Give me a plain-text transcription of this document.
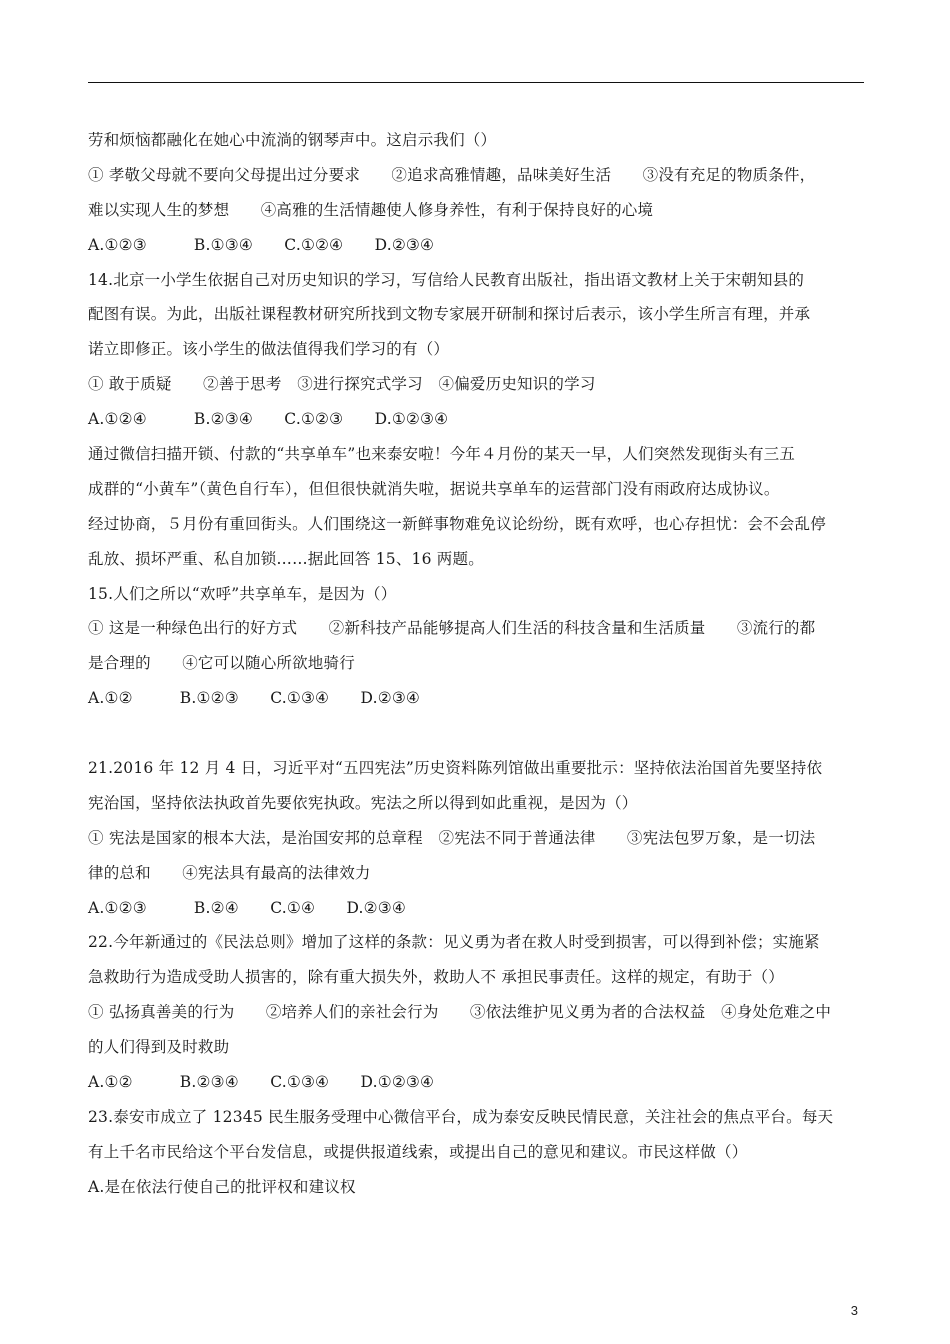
劳和烦恼都融化在她心中流淌的钢琴声中。这启示我们（）
① 孝敬父母就不要向父母提出过分要求　　②追求高雅情趣，品味美好生活　　③没有充足的物质条件，
难以实现人生的梦想　　④高雅的生活情趣使人修身养性，有利于保持良好的心境
A.①②③　　　B.①③④　　C.①②④　　D.②③④
14.北京一小学生依据自己对历史知识的学习，写信给人民教育出版社，指出语文教材上关于宋朝知县的
配图有误。为此，出版社课程教材研究所找到文物专家展开研制和探讨后表示，该小学生所言有理，并承
诺立即修正。该小学生的做法值得我们学习的有（）
① 敢于质疑　　②善于思考　③进行探究式学习　④偏爱历史知识的学习
A.①②④　　　B.②③④　　C.①②③　　D.①②③④
通过微信扫描开锁、付款的“共享单车”也来泰安啦！今年４月份的某天一早，人们突然发现街头有三五
成群的“小黄车”（黄色自行车），但但很快就消失啦，据说共享单车的运营部门没有雨政府达成协议。
经过协商，５月份有重回街头。人们围绕这一新鲜事物难免议论纷纷，既有欢呼，也心存担忧：会不会乱停
乱放、损坏严重、私自加锁……据此回答 15、16 两题。
15.人们之所以“欢呼”共享单车，是因为（）
① 这是一种绿色出行的好方式　　②新科技产品能够提高人们生活的科技含量和生活质量　　③流行的都
是合理的　　④它可以随心所欲地骑行
A.①②　　　B.①②③　　C.①③④　　D.②③④
21.2016 年 12 月 4 日，习近平对“五四宪法”历史资料陈列馆做出重要批示：坚持依法治国首先要坚持依
宪治国，坚持依法执政首先要依宪执政。宪法之所以得到如此重视，是因为（）
① 宪法是国家的根本大法，是治国安邦的总章程　②宪法不同于普通法律　　③宪法包罗万象，是一切法
律的总和　　④宪法具有最高的法律效力
A.①②③　　　B.②④　　C.①④　　D.②③④
22.今年新通过的《民法总则》增加了这样的条款：见义勇为者在救人时受到损害，可以得到补偿；实施紧
急救助行为造成受助人损害的，除有重大损失外，救助人不 承担民事责任。这样的规定，有助于（）
① 弘扬真善美的行为　　②培养人们的亲社会行为　　③依法维护见义勇为者的合法权益　④身处危难之中
的人们得到及时救助
A.①②　　　B.②③④　　C.①③④　　D.①②③④
23.泰安市成立了 12345 民生服务受理中心微信平台，成为泰安反映民情民意，关注社会的焦点平台。每天
有上千名市民给这个平台发信息，或提供报道线索，或提出自己的意见和建议。市民这样做（）
A.是在依法行使自己的批评权和建议权
3
